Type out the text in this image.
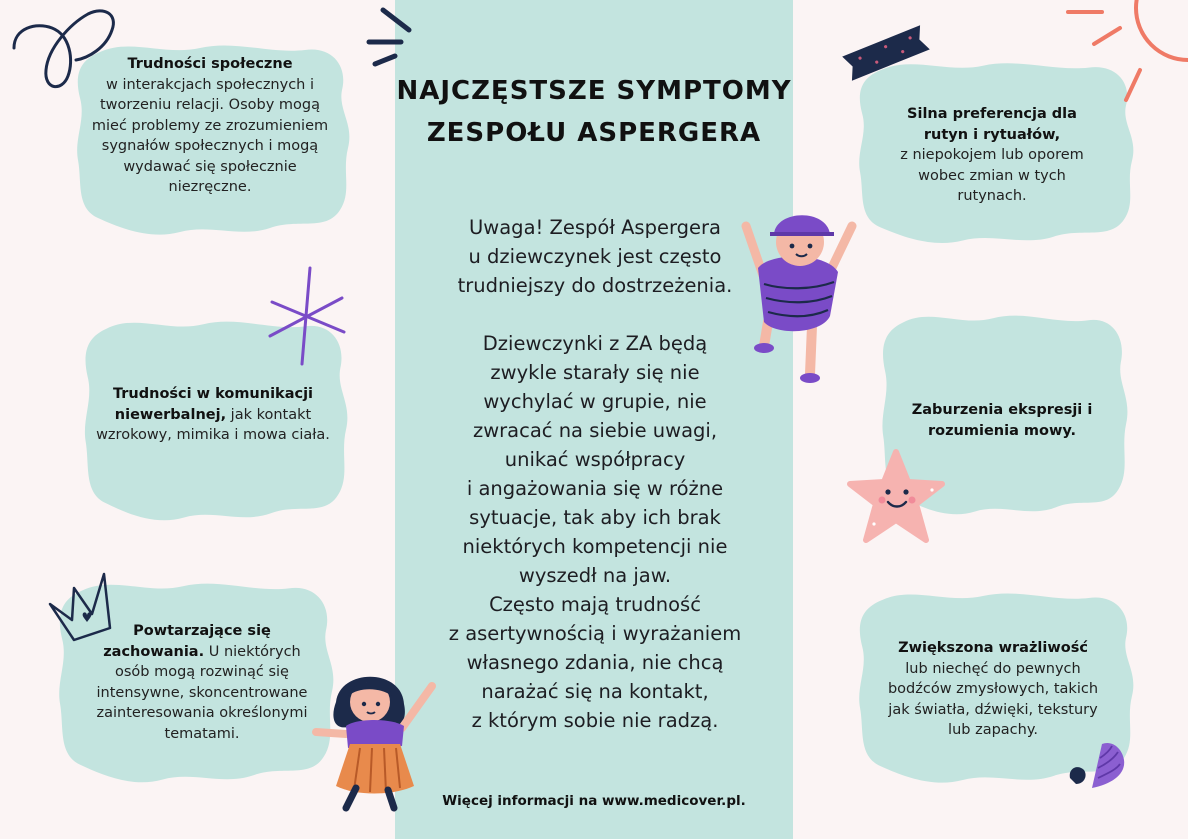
NAJCZĘSTSZE SYMPTOMY
ZESPOŁU ASPERGERA
Uwaga! Zespół Aspergera
u dziewczynek jest często
trudniejszy do dostrzeżenia.
Dziewczynki z ZA będą
zwykle starały się nie
wychylać w grupie, nie
zwracać na siebie uwagi,
unikać współpracy
i angażowania się w różne
sytuacje, tak aby ich brak
niektórych kompetencji nie
wyszedł na jaw.
Często mają trudność
z asertywnością i wyrażaniem
własnego zdania, nie chcą
narażać się na kontakt,
z którym sobie nie radzą.
Więcej informacji na www.medicover.pl.
Trudności społeczne
w interakcjach społecznych i tworzeniu relacji. Osoby mogą mieć problemy ze zrozumieniem sygnałów społecznych i mogą wydawać się społecznie niezręczne.
Trudności w komunikacji niewerbalnej, jak kontakt wzrokowy, mimika i mowa ciała.
Powtarzające się zachowania. U niektórych osób mogą rozwinąć się intensywne, skoncentrowane zainteresowania określonymi tematami.
Silna preferencja dla rutyn i rytuałów,
z niepokojem lub oporem wobec zmian w tych rutynach.
Zaburzenia ekspresji i rozumienia mowy.
Zwiększona wrażliwość
lub niechęć do pewnych bodźców zmysłowych, takich jak światła, dźwięki, tekstury lub zapachy.
